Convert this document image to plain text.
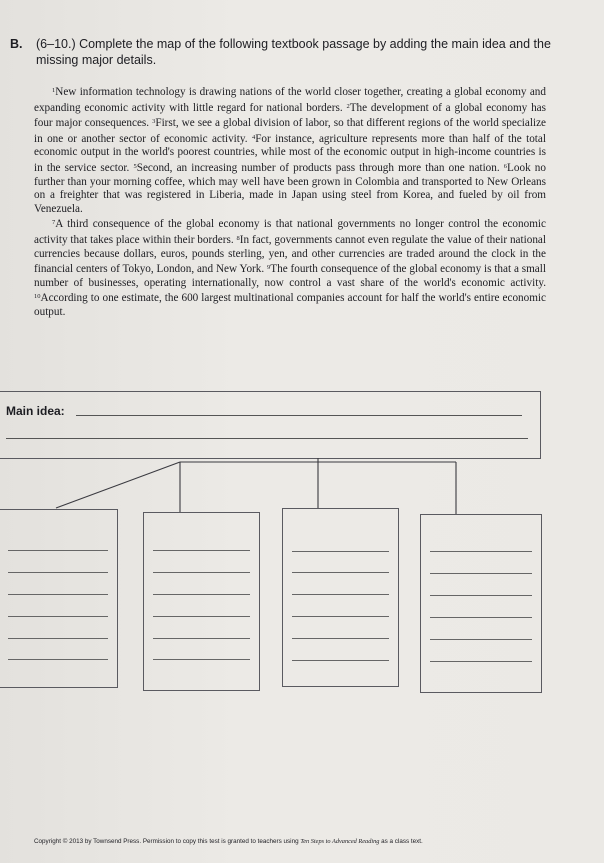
B. (6–10.) Complete the map of the following textbook passage by adding the main idea and the
missing major details.

$^1$New information technology is drawing nations of the world closer together, creating a global economy and expanding economic activity with little regard for national borders. $^2$The development of a global economy has four major consequences. $^3$First, we see a global division of labor, so that different regions of the world specialize in one or another sector of economic activity. $^4$For instance, agriculture represents more than half of the total economic output in the world's poorest countries, while most of the economic output in high-income countries is in the service sector. $^5$Second, an increasing number of products pass through more than one nation. $^6$Look no further than your morning coffee, which may well have been grown in Colombia and transported to New Orleans on a freighter that was registered in Liberia, made in Japan using steel from Korea, and fueled by oil from Venezuela.

$^7$A third consequence of the global economy is that national governments no longer control the economic activity that takes place within their borders. $^8$In fact, governments cannot even regulate the value of their national currencies because dollars, euros, pounds sterling, yen, and other currencies are traded around the clock in the financial centers of Tokyo, London, and New York. $^9$The fourth consequence of the global economy is that a small number of businesses, operating internationally, now control a vast share of the world's economic activity. $^{10}$According to one estimate, the 600 largest multinational companies account for half the world's entire economic output.

Main idea:
Copyright © 2013 by Townsend Press. Permission to copy this test is granted to teachers using Ten Steps to Advanced Reading as a class text.
